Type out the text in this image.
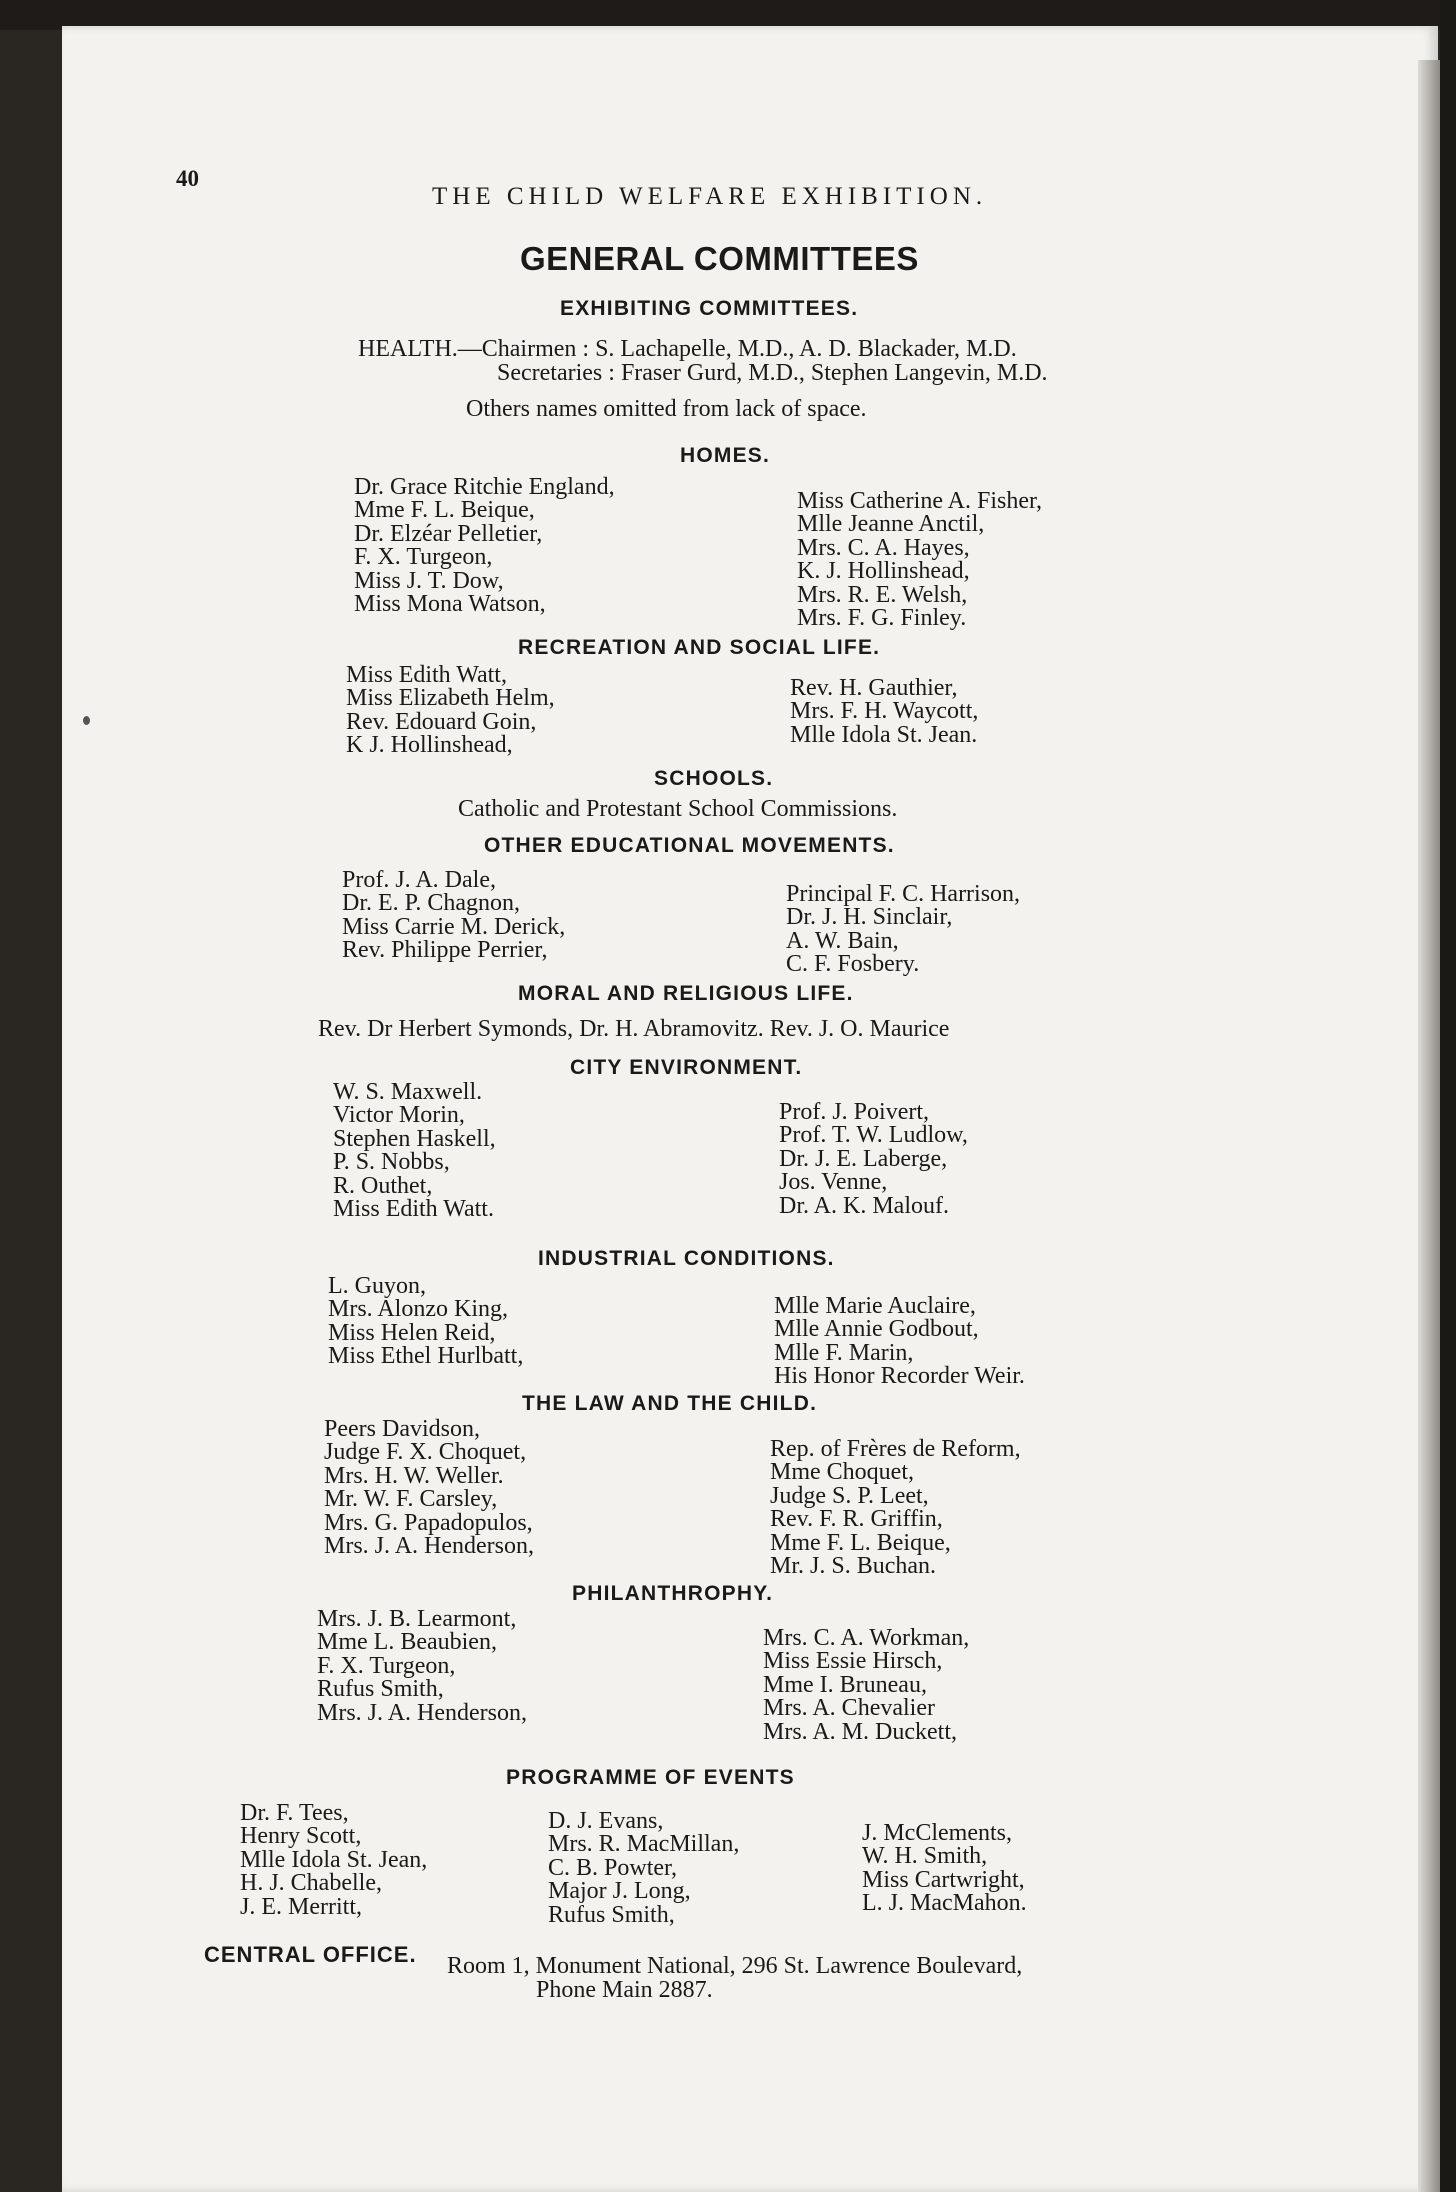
40
THE CHILD WELFARE EXHIBITION.
GENERAL COMMITTEES
EXHIBITING COMMITTEES.
HEALTH.—Chairmen : S. Lachapelle, M.D., A. D. Blackader, M.D.
Secretaries : Fraser Gurd, M.D., Stephen Langevin, M.D.
Others names omitted from lack of space.
HOMES.
Dr. Grace Ritchie England,
Mme F. L. Beique,
Dr. Elzéar Pelletier,
F. X. Turgeon,
Miss J. T. Dow,
Miss Mona Watson,
Miss Catherine A. Fisher,
Mlle Jeanne Anctil,
Mrs. C. A. Hayes,
K. J. Hollinshead,
Mrs. R. E. Welsh,
Mrs. F. G. Finley.
RECREATION AND SOCIAL LIFE.
Miss Edith Watt,
Miss Elizabeth Helm,
Rev. Edouard Goin,
K J. Hollinshead,
Rev. H. Gauthier,
Mrs. F. H. Waycott,
Mlle Idola St. Jean.
SCHOOLS.
Catholic and Protestant School Commissions.
OTHER EDUCATIONAL MOVEMENTS.
Prof. J. A. Dale,
Dr. E. P. Chagnon,
Miss Carrie M. Derick,
Rev. Philippe Perrier,
Principal F. C. Harrison,
Dr. J. H. Sinclair,
A. W. Bain,
C. F. Fosbery.
MORAL AND RELIGIOUS LIFE.
Rev. Dr Herbert Symonds, Dr. H. Abramovitz. Rev. J. O. Maurice
CITY ENVIRONMENT.
W. S. Maxwell.
Victor Morin,
Stephen Haskell,
P. S. Nobbs,
R. Outhet,
Miss Edith Watt.
Prof. J. Poivert,
Prof. T. W. Ludlow,
Dr. J. E. Laberge,
Jos. Venne,
Dr. A. K. Malouf.
INDUSTRIAL CONDITIONS.
L. Guyon,
Mrs. Alonzo King,
Miss Helen Reid,
Miss Ethel Hurlbatt,
Mlle Marie Auclaire,
Mlle Annie Godbout,
Mlle F. Marin,
His Honor Recorder Weir.
THE LAW AND THE CHILD.
Peers Davidson,
Judge F. X. Choquet,
Mrs. H. W. Weller.
Mr. W. F. Carsley,
Mrs. G. Papadopulos,
Mrs. J. A. Henderson,
Rep. of Frères de Reform,
Mme Choquet,
Judge S. P. Leet,
Rev. F. R. Griffin,
Mme F. L. Beique,
Mr. J. S. Buchan.
PHILANTHROPHY.
Mrs. J. B. Learmont,
Mme L. Beaubien,
F. X. Turgeon,
Rufus Smith,
Mrs. J. A. Henderson,
Mrs. C. A. Workman,
Miss Essie Hirsch,
Mme I. Bruneau,
Mrs. A. Chevalier
Mrs. A. M. Duckett,
PROGRAMME OF EVENTS
Dr. F. Tees,
Henry Scott,
Mlle Idola St. Jean,
H. J. Chabelle,
J. E. Merritt,
D. J. Evans,
Mrs. R. MacMillan,
C. B. Powter,
Major J. Long,
Rufus Smith,
J. McClements,
W. H. Smith,
Miss Cartwright,
L. J. MacMahon.
CENTRAL OFFICE. Room 1, Monument National, 296 St. Lawrence Boulevard,
Phone Main 2887.
